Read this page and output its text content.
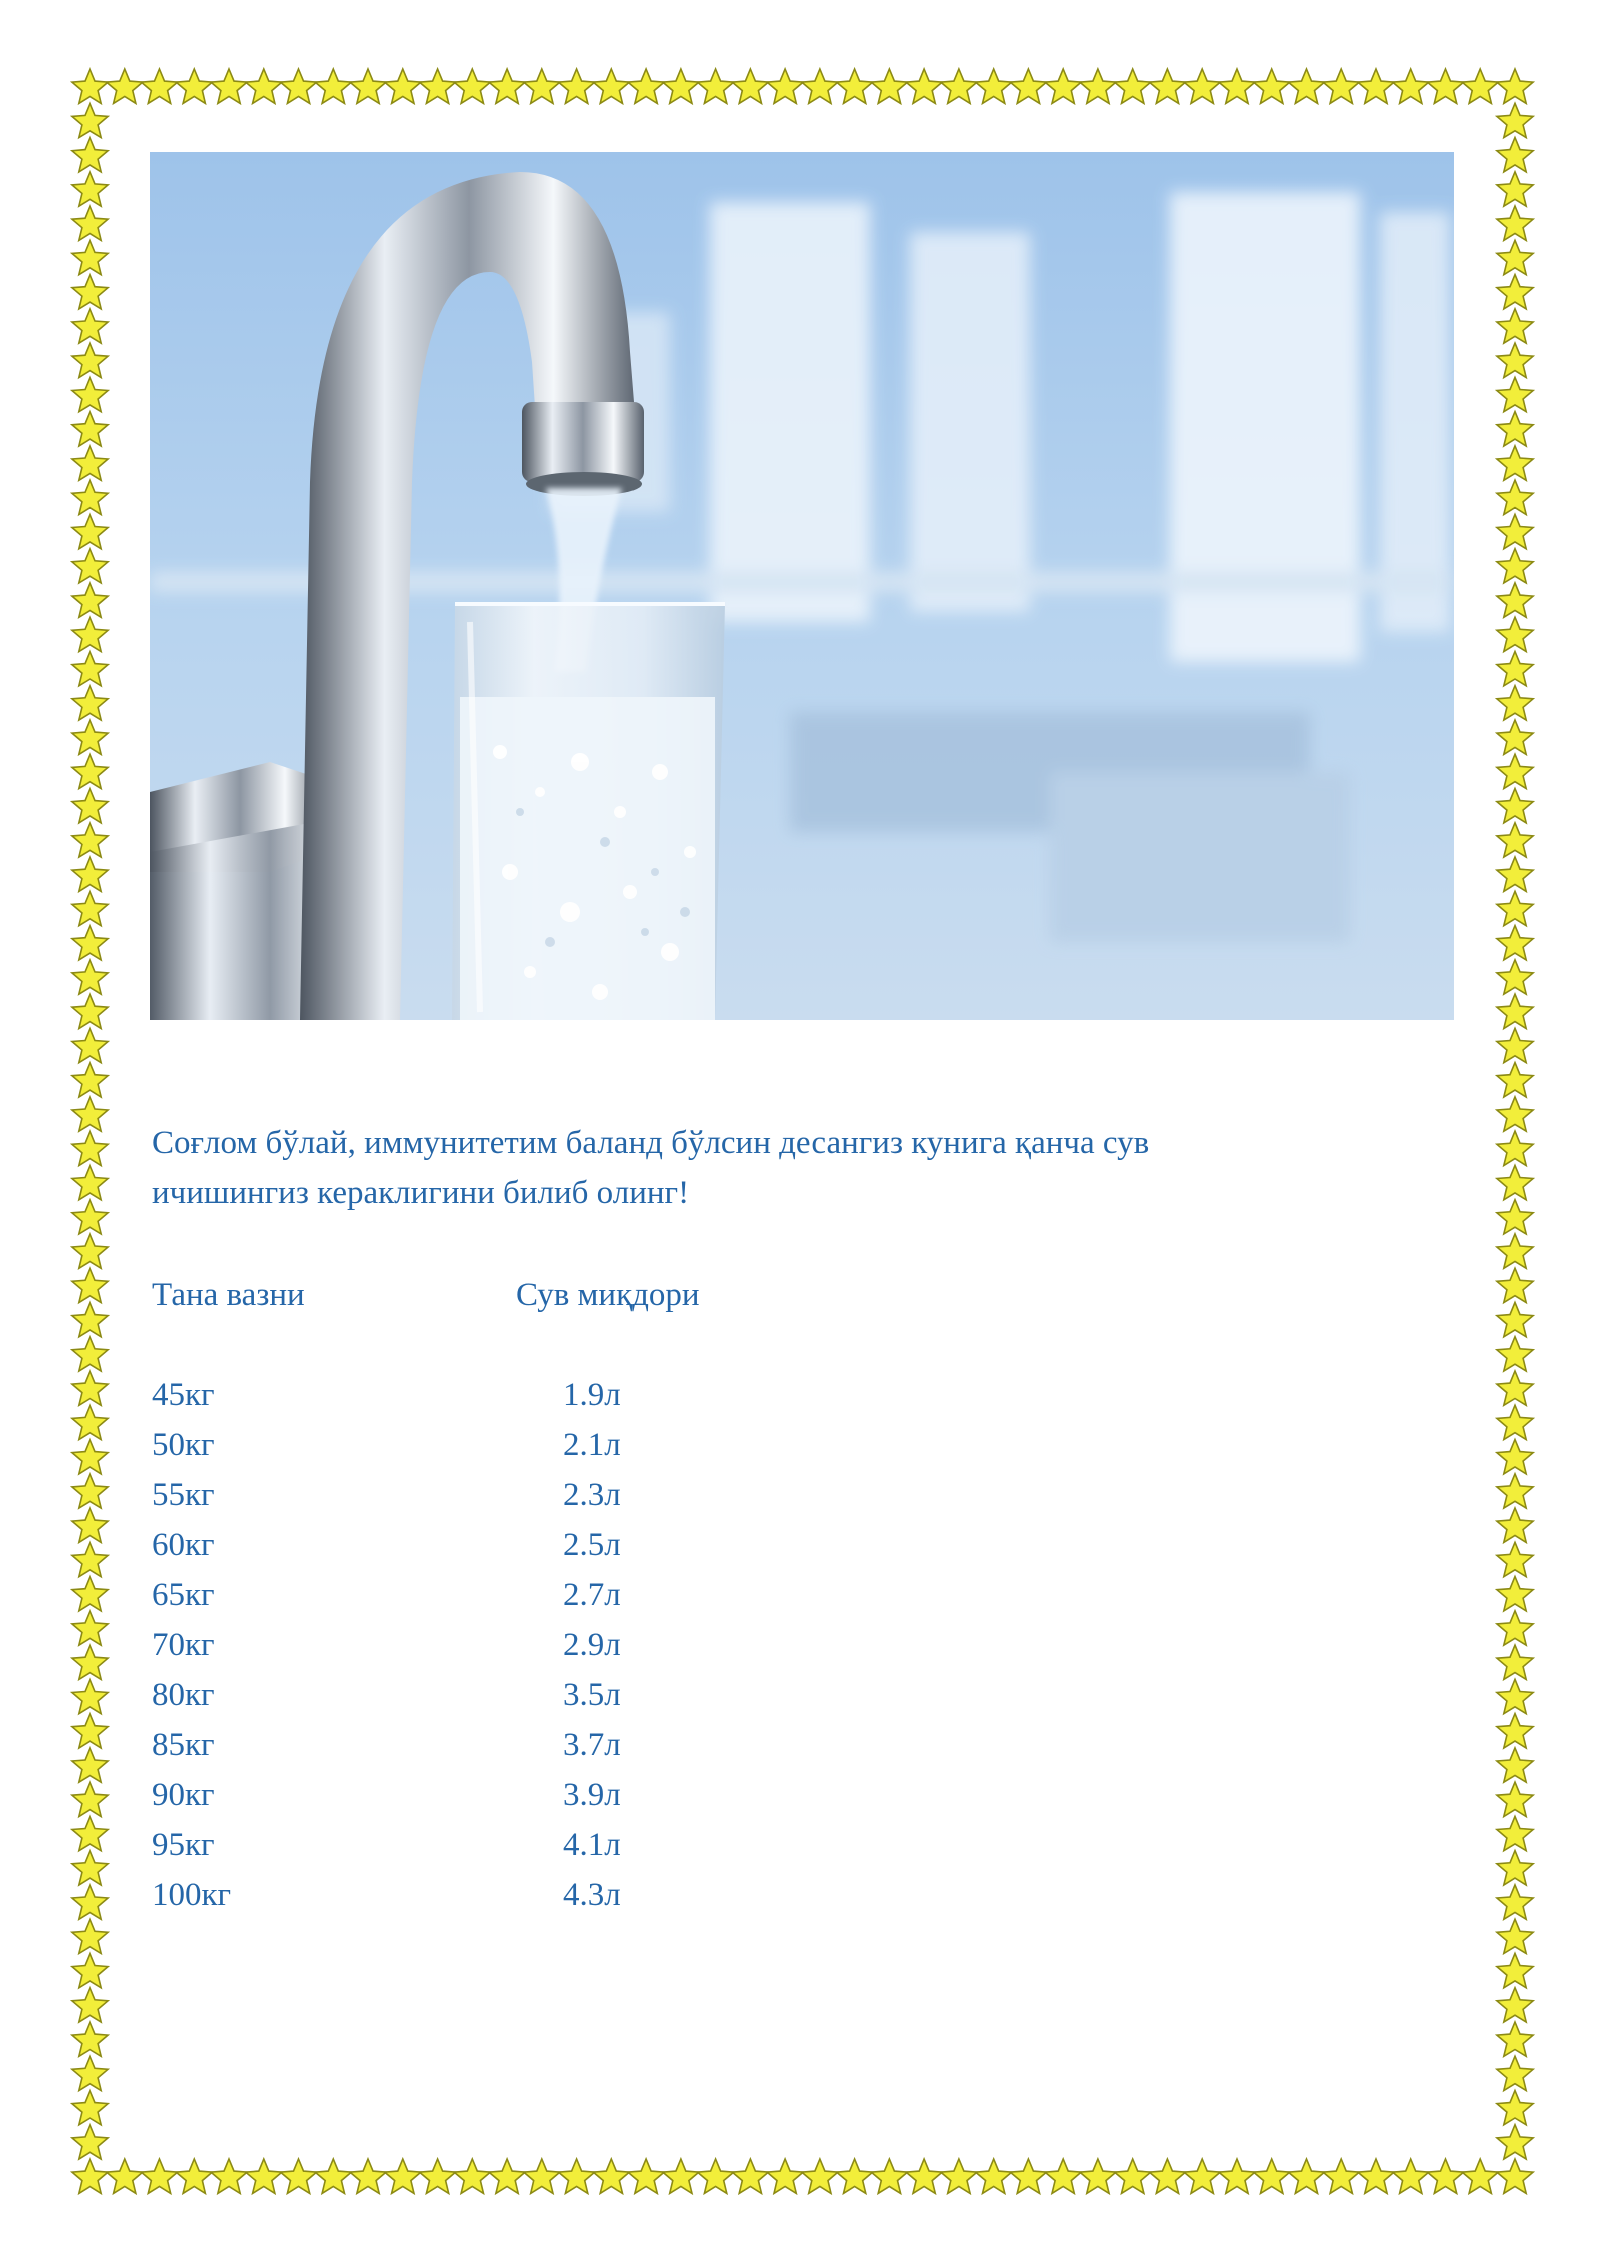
Соғлом бўлай, иммунитетим баланд бўлсин десангиз кунига қанча сув
ичишингиз кераклигини билиб олинг!

Тана вазни	Сув миқдори
45кг	1.9л
50кг	2.1л
55кг	2.3л
60кг	2.5л
65кг	2.7л
70кг	2.9л
80кг	3.5л
85кг	3.7л
90кг	3.9л
95кг	4.1л
100кг	4.3л
